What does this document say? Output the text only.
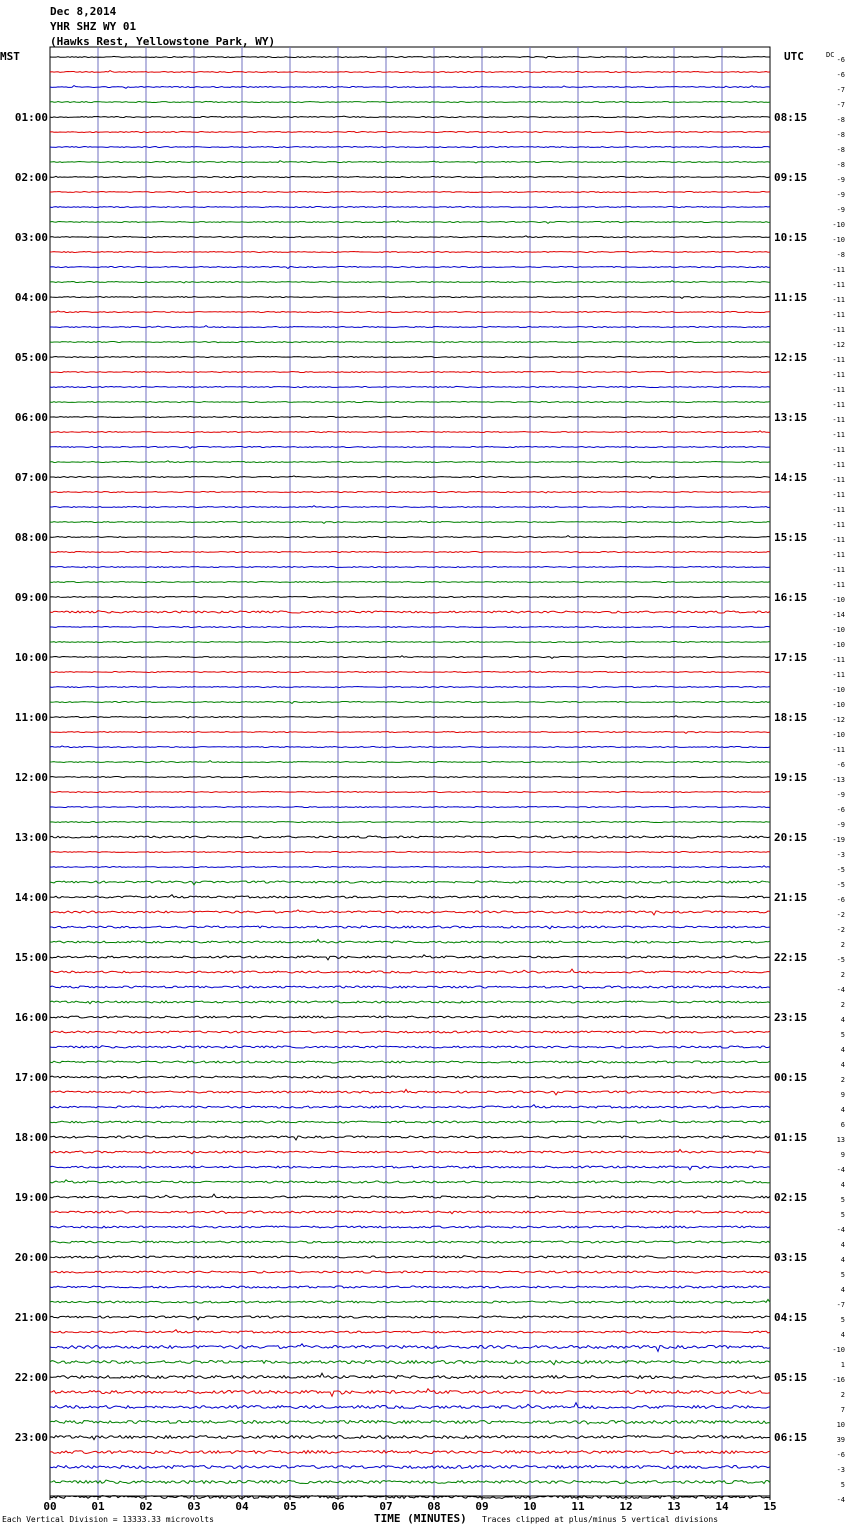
Dec 8,2014
YHR SHZ WY 01
(Hawks Rest, Yellowstone Park, WY)
MST	UTC	-6
-6
-7
-7
-8
-8
-8
-8
-9
-9
-9
-10
-10
-8
-11
-11
-11
-11
-11
-12
-11
-11
-11
-11
-11
-11
-11
-11
-11
-11
-11
-11
-11
-11
-11
-11
-10
-14
-10
-10
-11
-11
-10
-10
-12
-10
-11
-6
-13
-9
-6
-9
-19
-3
-5
-5
-6
-2
-2
2
-5
2
-4
2
4
5
4
4
2
9
4
6
13
9
-4
4
5
5
-4
4
4
5
4
-7
5
4
-10
1
-16
2
7
10
39
-6
-3
5
-4
DC
01:00
02:00
03:00
04:00
05:00
06:00
07:00
08:00
09:00
10:00
11:00
12:00
13:00
14:00
15:00
16:00
17:00
18:00
19:00
20:00
21:00
22:00
23:00
08:15
09:15
10:15
11:15
12:15
13:15
14:15
15:15
16:15
17:15
18:15
19:15
20:15
21:15
22:15
23:15
00:15
01:15
02:15
03:15
04:15
05:15
06:15
00	01	02	03	04	05	06	07	08	09	10	11	12	13	14	15
Each Vertical Division = 13333.33 microvolts	TIME (MINUTES) Traces clipped at plus/minus 5 vertical divisions
